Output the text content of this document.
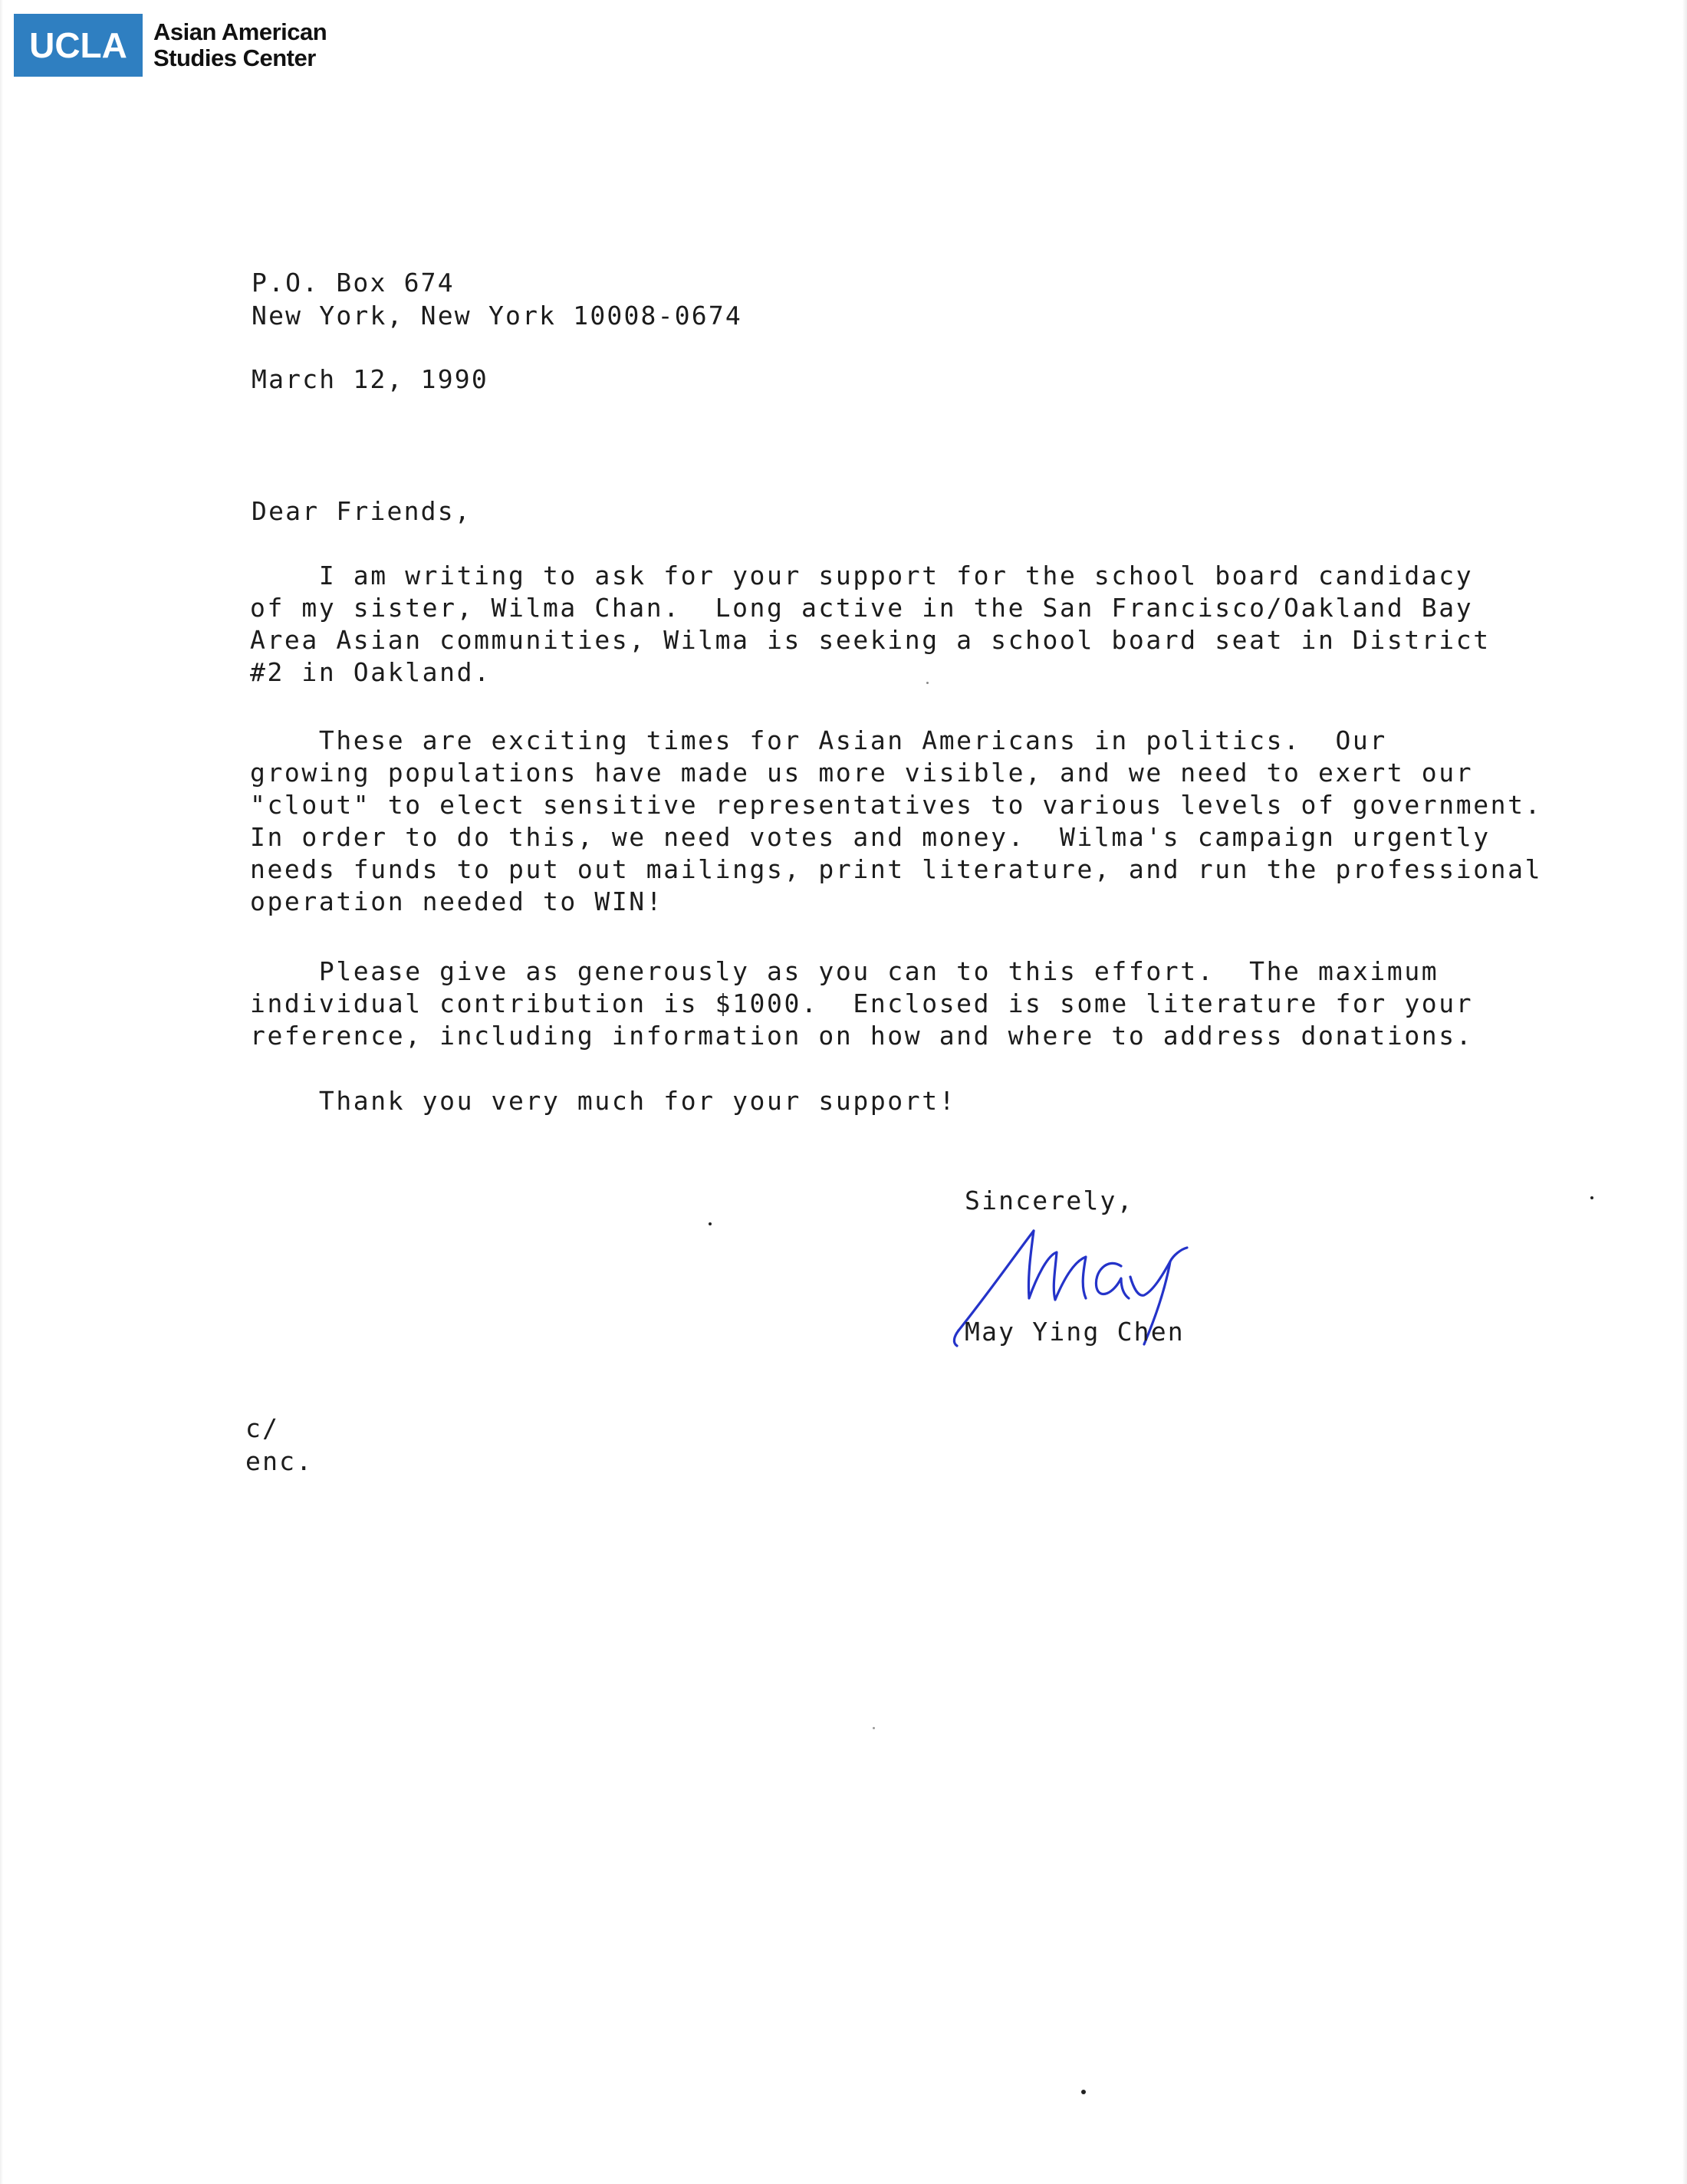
UCLA	Asian American
Studies Center
P.O. Box 674
New York, New York 10008-0674
March 12, 1990
Dear Friends,
I am writing to ask for your support for the school board candidacy
of my sister, Wilma Chan.  Long active in the San Francisco/Oakland Bay
Area Asian communities, Wilma is seeking a school board seat in District
#2 in Oakland.
These are exciting times for Asian Americans in politics.  Our
growing populations have made us more visible, and we need to exert our
"clout" to elect sensitive representatives to various levels of government.
In order to do this, we need votes and money.  Wilma's campaign urgently
needs funds to put out mailings, print literature, and run the professional
operation needed to WIN!
Please give as generously as you can to this effort.  The maximum
individual contribution is $1000.  Enclosed is some literature for your
reference, including information on how and where to address donations.
Thank you very much for your support!
Sincerely,
May Ying Chen
c/
enc.
